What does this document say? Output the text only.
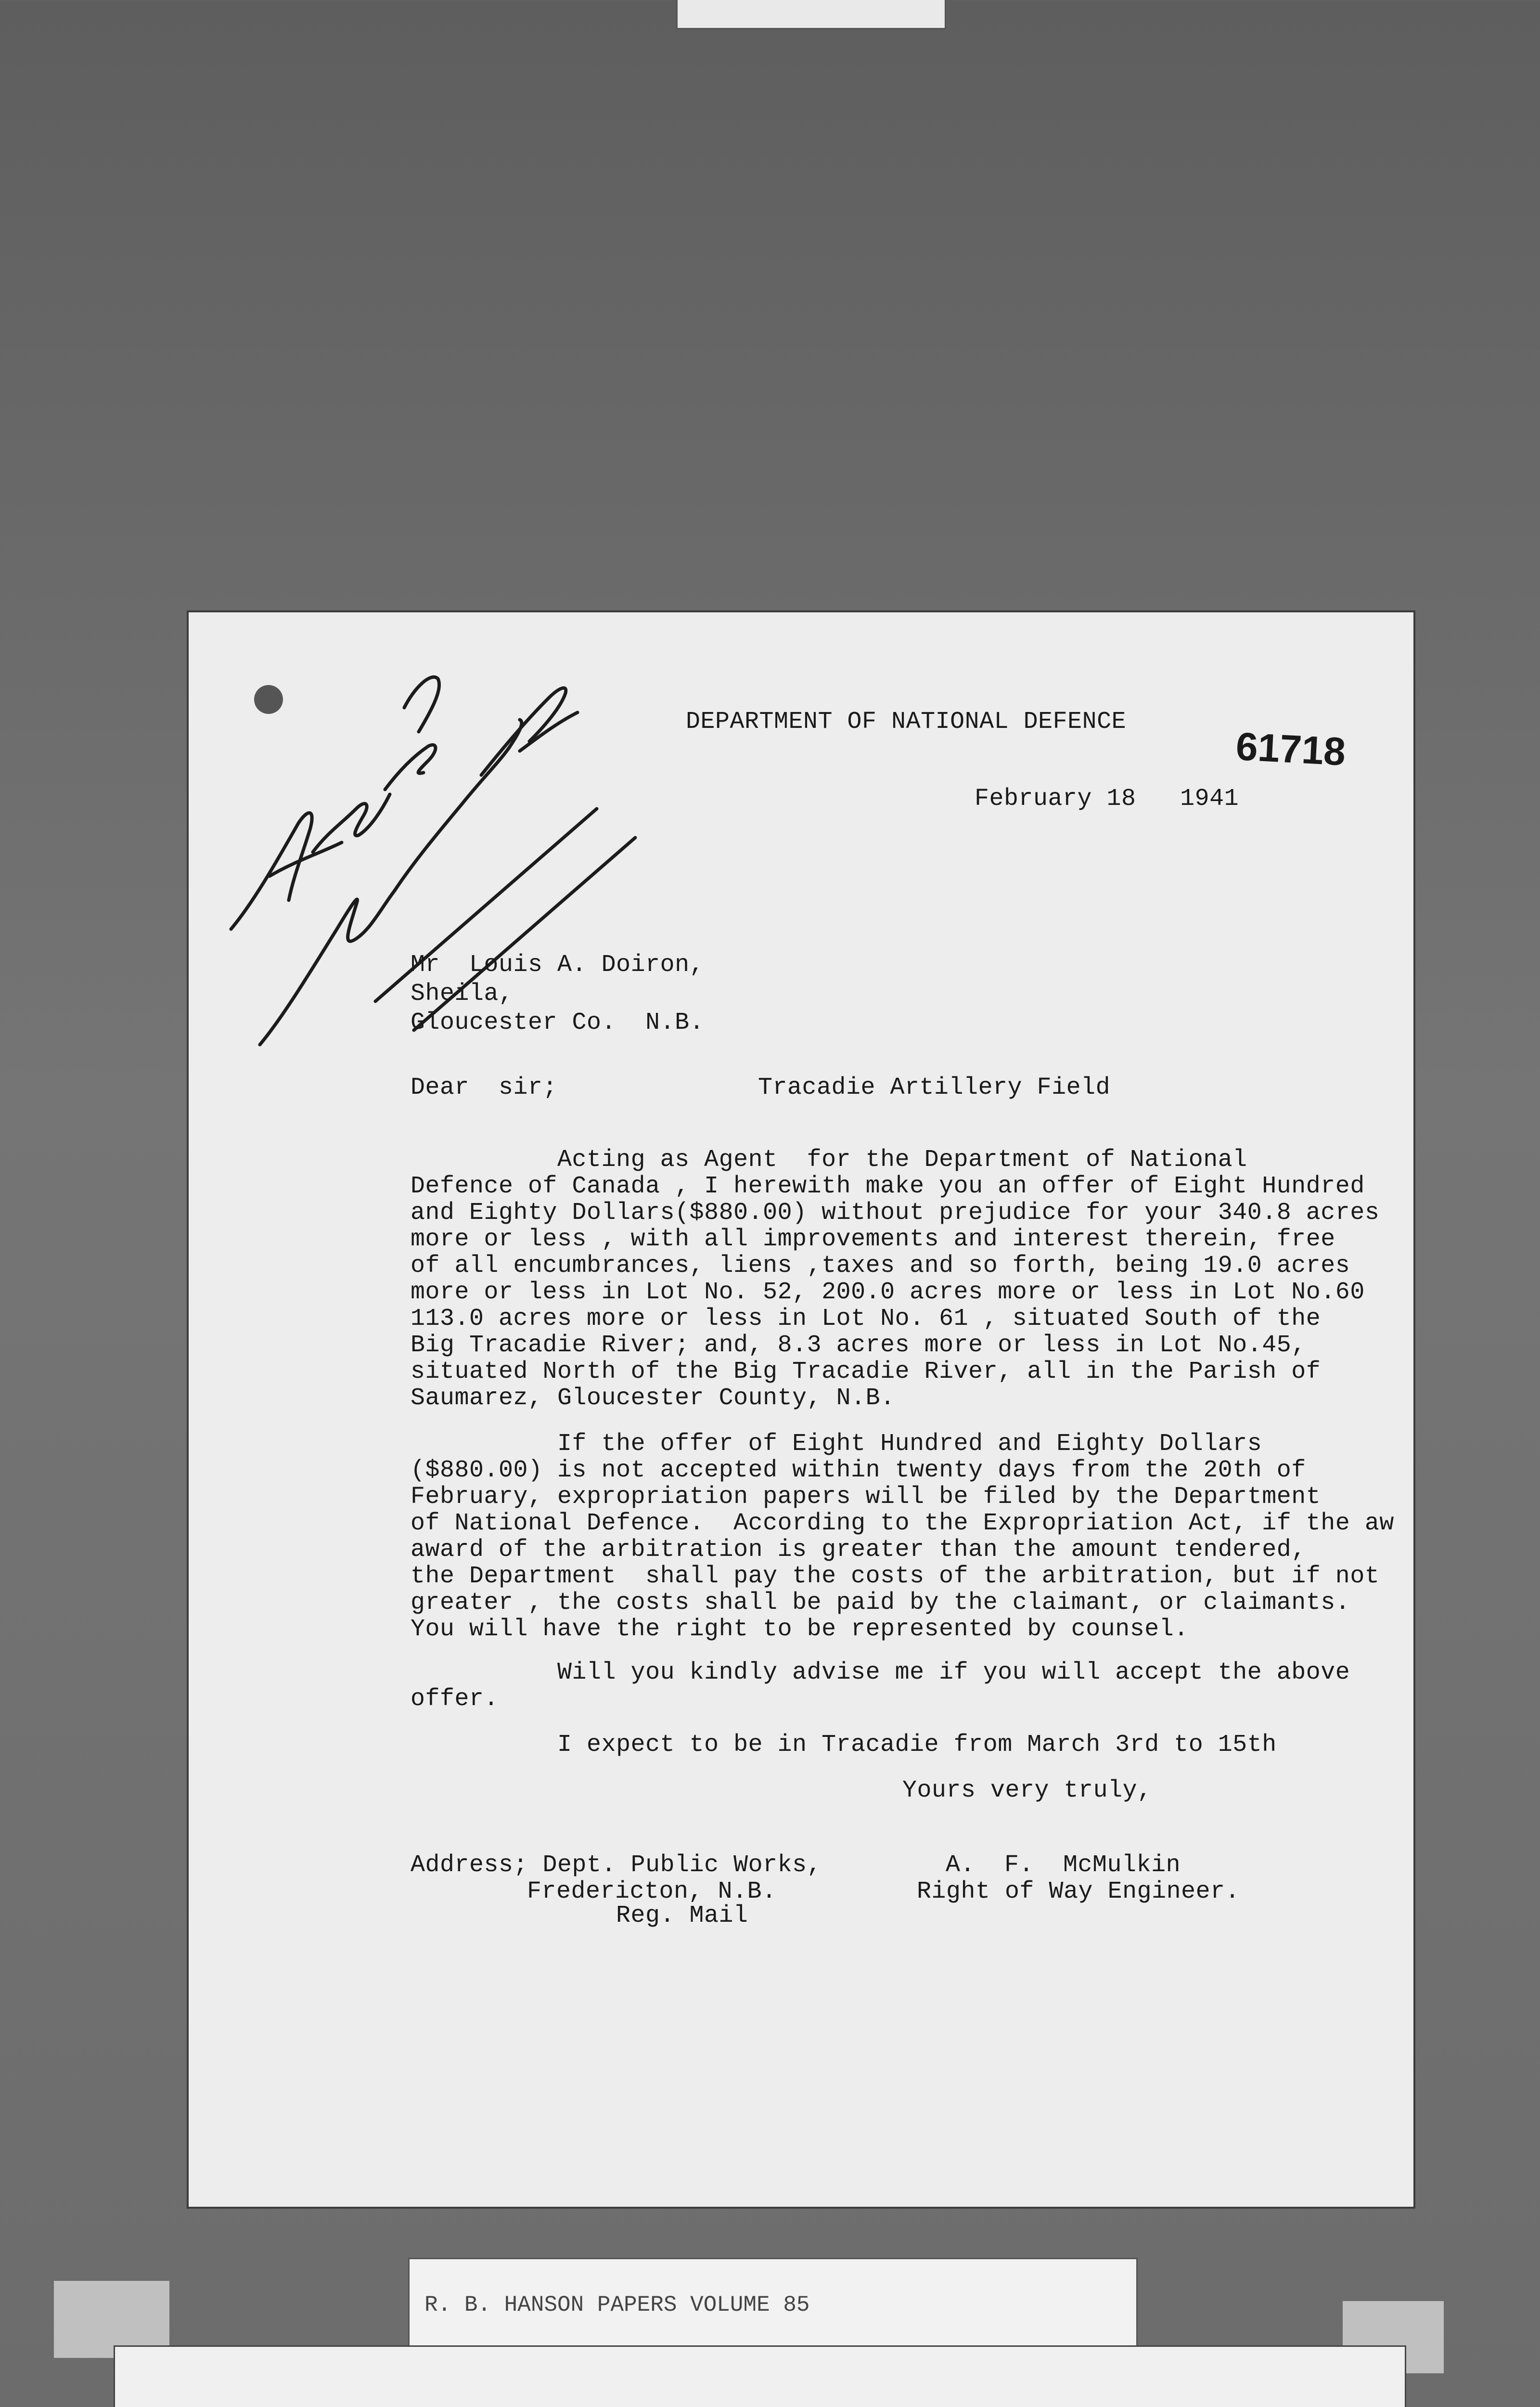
61718
DEPARTMENT OF NATIONAL DEFENCE
February 18   1941
Mr  Louis A. Doiron,
Sheila,
Gloucester Co.  N.B.
Dear  sir;	Tracadie Artillery Field
Acting as Agent  for the Department of National
Defence of Canada , I herewith make you an offer of Eight Hundred
and Eighty Dollars($880.00) without prejudice for your 340.8 acres
more or less , with all improvements and interest therein, free
of all encumbrances, liens ,taxes and so forth, being 19.0 acres
more or less in Lot No. 52, 200.0 acres more or less in Lot No.60
113.0 acres more or less in Lot No. 61 , situated South of the
Big Tracadie River; and, 8.3 acres more or less in Lot No.45,
situated North of the Big Tracadie River, all in the Parish of
Saumarez, Gloucester County, N.B.
If the offer of Eight Hundred and Eighty Dollars
($880.00) is not accepted within twenty days from the 20th of
February, expropriation papers will be filed by the Department
of National Defence.  According to the Expropriation Act, if the aw
award of the arbitration is greater than the amount tendered,
the Department  shall pay the costs of the arbitration, but if not
greater , the costs shall be paid by the claimant, or claimants.
You will have the right to be represented by counsel.
Will you kindly advise me if you will accept the above
offer.
I expect to be in Tracadie from March 3rd to 15th
Yours very truly,
Address; Dept. Public Works,
Fredericton, N.B.
Reg. Mail
A.  F.  McMulkin
Right of Way Engineer.
R. B. HANSON PAPERS VOLUME 85
